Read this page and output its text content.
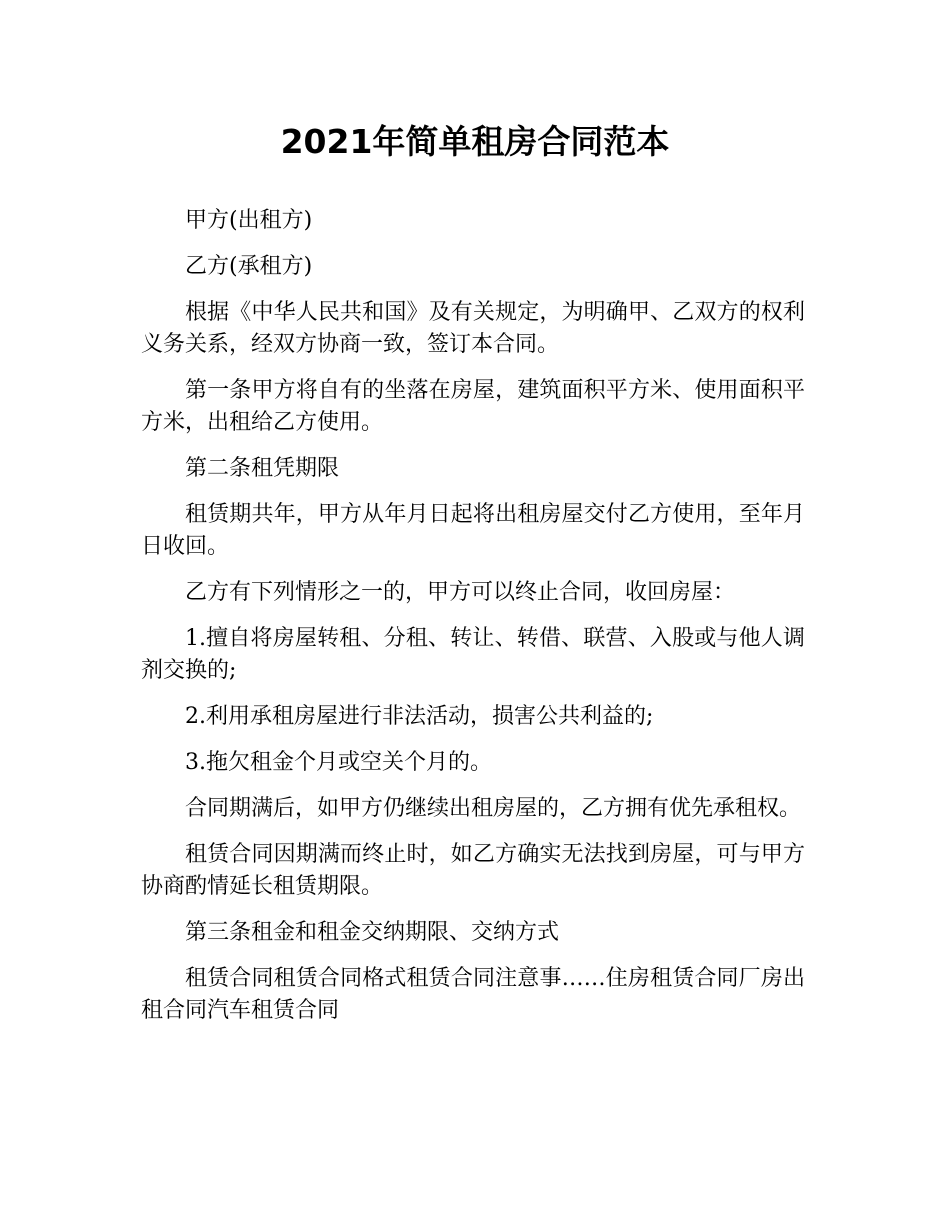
2021年简单租房合同范本

甲方(出租方)

乙方(承租方)

根据《中华人民共和国》及有关规定，为明确甲、乙双方的权利义务关系，经双方协商一致，签订本合同。

第一条甲方将自有的坐落在房屋，建筑面积平方米、使用面积平方米，出租给乙方使用。

第二条租凭期限

租赁期共年，甲方从年月日起将出租房屋交付乙方使用，至年月日收回。

乙方有下列情形之一的，甲方可以终止合同，收回房屋：

1.擅自将房屋转租、分租、转让、转借、联营、入股或与他人调剂交换的;

2.利用承租房屋进行非法活动，损害公共利益的;

3.拖欠租金个月或空关个月的。

合同期满后，如甲方仍继续出租房屋的，乙方拥有优先承租权。

租赁合同因期满而终止时，如乙方确实无法找到房屋，可与甲方协商酌情延长租赁期限。

第三条租金和租金交纳期限、交纳方式

租赁合同租赁合同格式租赁合同注意事……住房租赁合同厂房出租合同汽车租赁合同
